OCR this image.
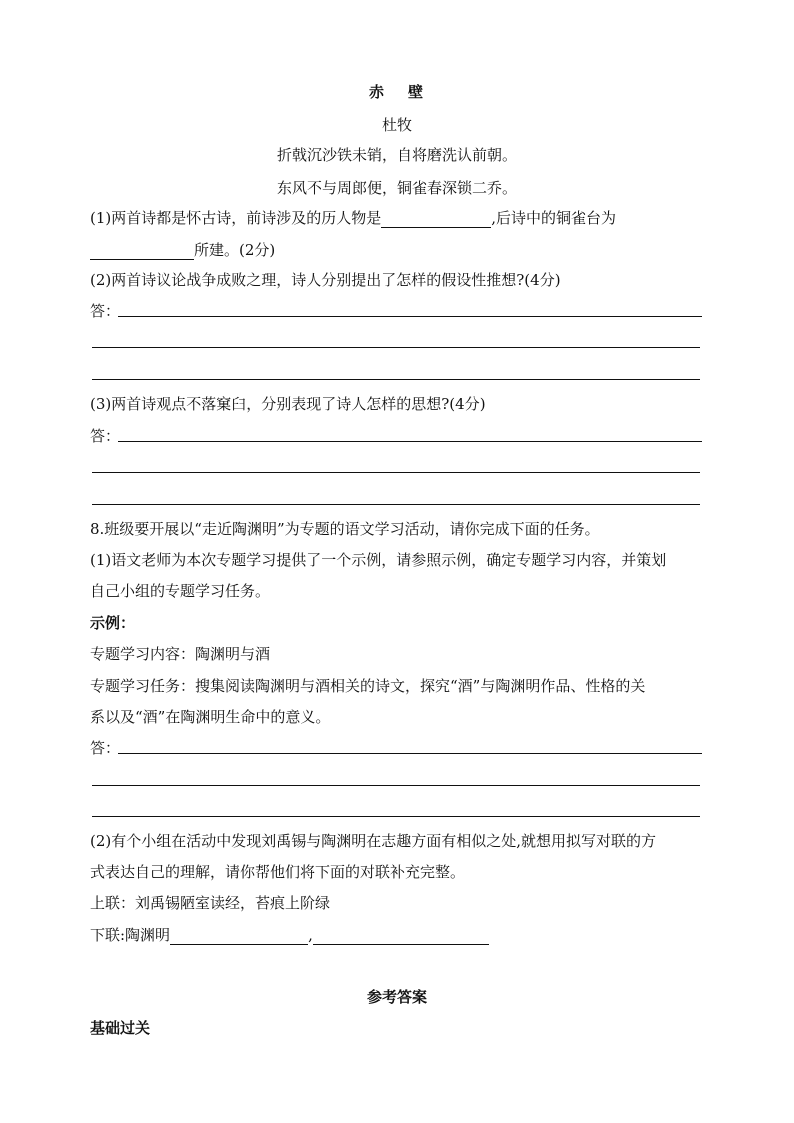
赤 壁
杜牧
折戟沉沙铁未销，自将磨洗认前朝。
东风不与周郎便，铜雀春深锁二乔。
(1)两首诗都是怀古诗，前诗涉及的历人物是	,后诗中的铜雀台为
所建。(2分)
(2)两首诗议论战争成败之理，诗人分别提出了怎样的假设性推想?(4分)
答：
(3)两首诗观点不落窠臼，分别表现了诗人怎样的思想?(4分)
答：
8.班级要开展以“走近陶渊明”为专题的语文学习活动，请你完成下面的任务。
(1)语文老师为本次专题学习提供了一个示例，请参照示例，确定专题学习内容，并策划
自己小组的专题学习任务。
示例：
专题学习内容：陶渊明与酒
专题学习任务：搜集阅读陶渊明与酒相关的诗文，探究“酒”与陶渊明作品、性格的关
系以及“酒”在陶渊明生命中的意义。
答：
(2)有个小组在活动中发现刘禹锡与陶渊明在志趣方面有相似之处,就想用拟写对联的方
式表达自己的理解，请你帮他们将下面的对联补充完整。
上联：刘禹锡陋室读经，苔痕上阶绿
下联:陶渊明	,
参考答案
基础过关
